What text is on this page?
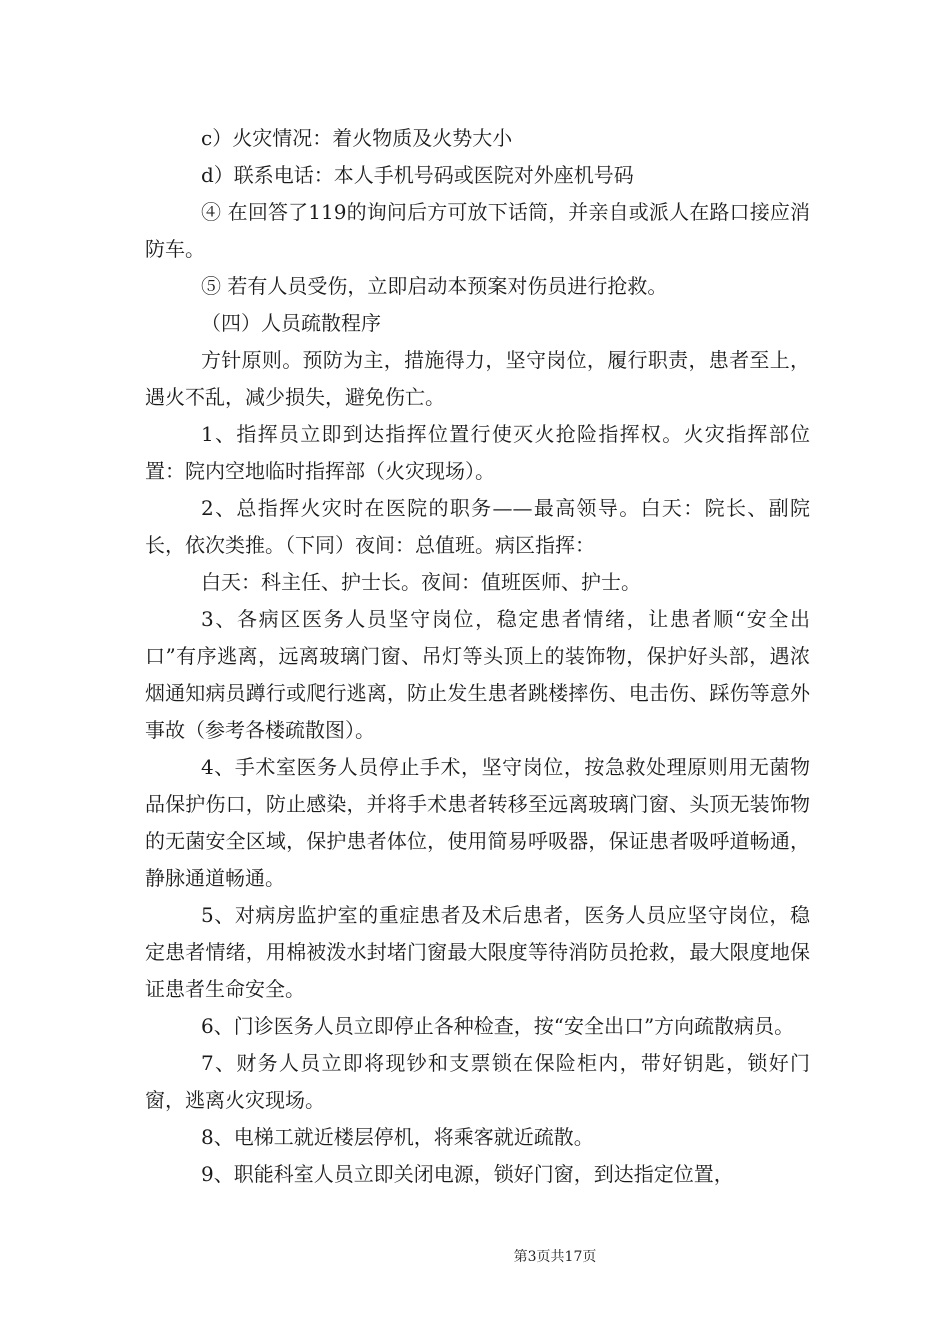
c）火灾情况：着火物质及火势大小

d）联系电话：本人手机号码或医院对外座机号码

④ 在回答了119的询问后方可放下话筒，并亲自或派人在路口接应消防车。

⑤ 若有人员受伤，立即启动本预案对伤员进行抢救。

（四）人员疏散程序

方针原则。预防为主，措施得力，坚守岗位，履行职责，患者至上，遇火不乱，减少损失，避免伤亡。

1、指挥员立即到达指挥位置行使灭火抢险指挥权。火灾指挥部位置：院内空地临时指挥部（火灾现场）。

2、总指挥火灾时在医院的职务——最高领导。白天：院长、副院长，依次类推。（下同）夜间：总值班。病区指挥：

白天：科主任、护士长。夜间：值班医师、护士。

3、各病区医务人员坚守岗位，稳定患者情绪，让患者顺“安全出口”有序逃离，远离玻璃门窗、吊灯等头顶上的装饰物，保护好头部，遇浓烟通知病员蹲行或爬行逃离，防止发生患者跳楼摔伤、电击伤、踩伤等意外事故（参考各楼疏散图）。

4、手术室医务人员停止手术，坚守岗位，按急救处理原则用无菌物品保护伤口，防止感染，并将手术患者转移至远离玻璃门窗、头顶无装饰物的无菌安全区域，保护患者体位，使用简易呼吸器，保证患者吸呼道畅通，静脉通道畅通。

5、对病房监护室的重症患者及术后患者，医务人员应坚守岗位，稳定患者情绪，用棉被泼水封堵门窗最大限度等待消防员抢救，最大限度地保证患者生命安全。

6、门诊医务人员立即停止各种检查，按“安全出口”方向疏散病员。

7、财务人员立即将现钞和支票锁在保险柜内，带好钥匙，锁好门窗，逃离火灾现场。

8、电梯工就近楼层停机，将乘客就近疏散。

9、职能科室人员立即关闭电源，锁好门窗，到达指定位置，

第3页共17页
